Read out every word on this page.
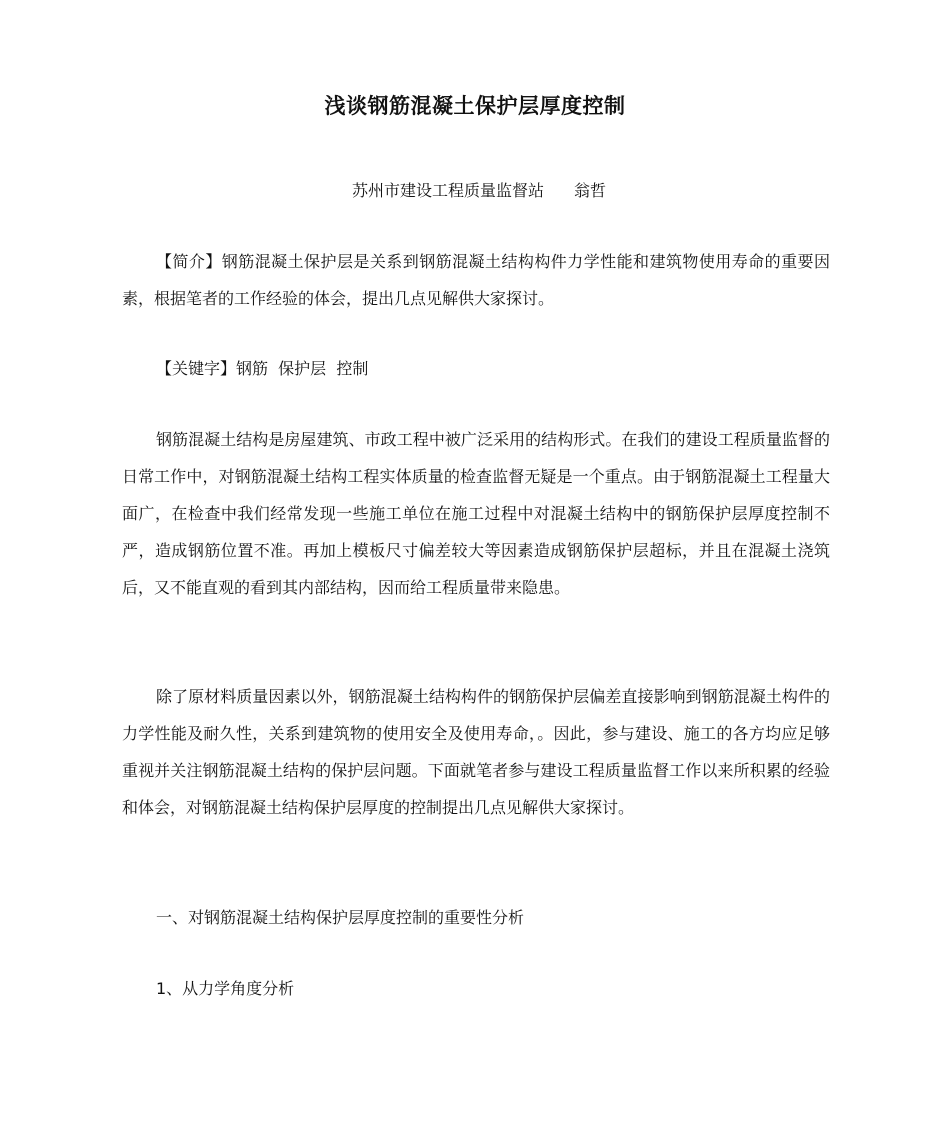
浅谈钢筋混凝土保护层厚度控制
苏州市建设工程质量监督站 翁哲

【简介】钢筋混凝土保护层是关系到钢筋混凝土结构构件力学性能和建筑物使用寿命的重要因素，根据笔者的工作经验的体会，提出几点见解供大家探讨。

【关键字】钢筋  保护层  控制

钢筋混凝土结构是房屋建筑、市政工程中被广泛采用的结构形式。在我们的建设工程质量监督的日常工作中，对钢筋混凝土结构工程实体质量的检查监督无疑是一个重点。由于钢筋混凝土工程量大面广，在检查中我们经常发现一些施工单位在施工过程中对混凝土结构中的钢筋保护层厚度控制不严，造成钢筋位置不准。再加上模板尺寸偏差较大等因素造成钢筋保护层超标，并且在混凝土浇筑后，又不能直观的看到其内部结构，因而给工程质量带来隐患。

除了原材料质量因素以外，钢筋混凝土结构构件的钢筋保护层偏差直接影响到钢筋混凝土构件的力学性能及耐久性，关系到建筑物的使用安全及使用寿命，。因此，参与建设、施工的各方均应足够重视并关注钢筋混凝土结构的保护层问题。下面就笔者参与建设工程质量监督工作以来所积累的经验和体会，对钢筋混凝土结构保护层厚度的控制提出几点见解供大家探讨。

一、对钢筋混凝土结构保护层厚度控制的重要性分析

1、从力学角度分析
